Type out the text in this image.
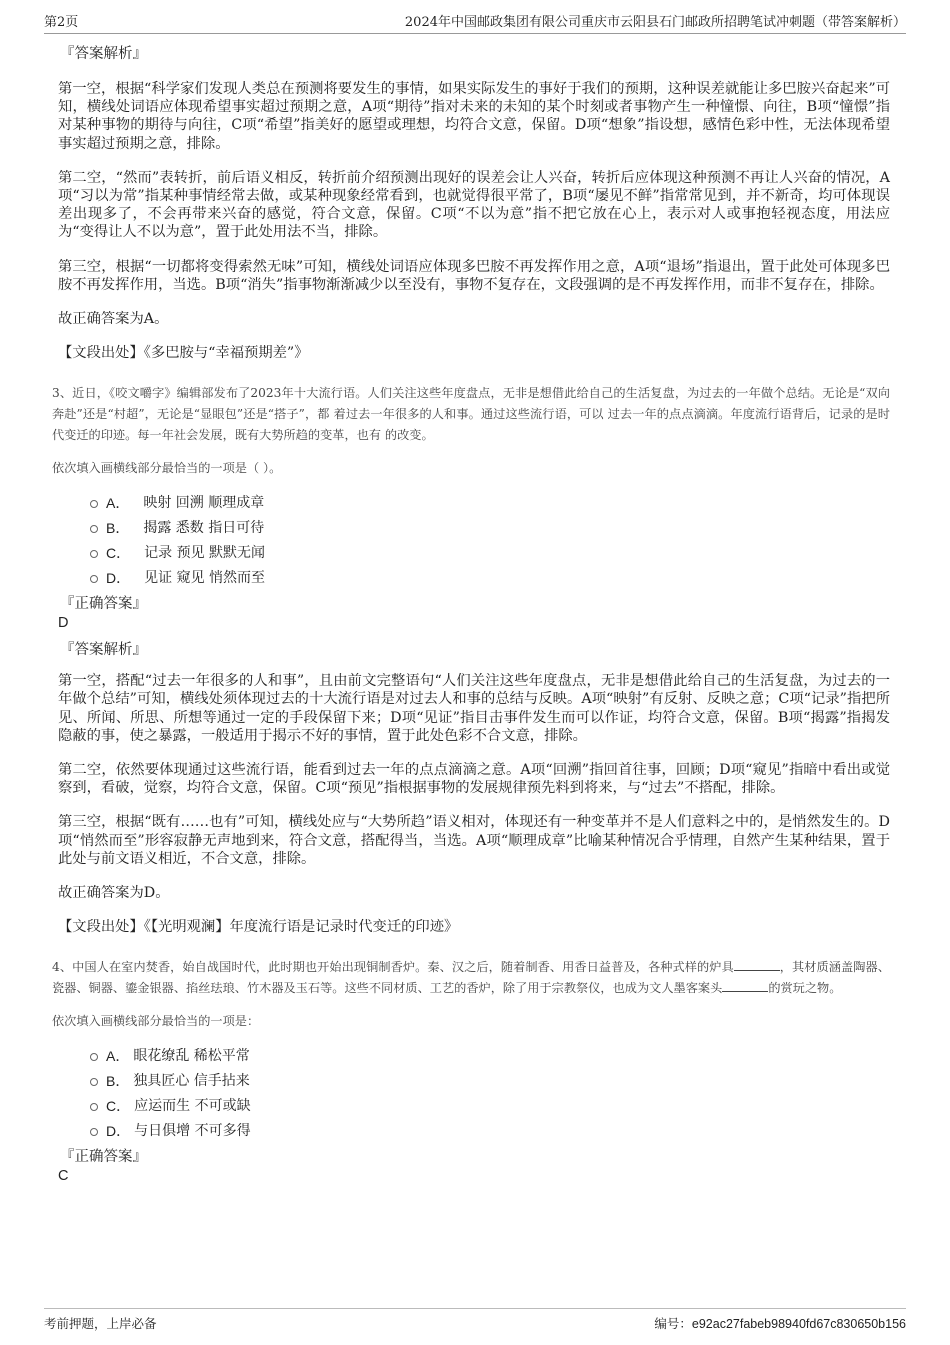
第2页	2024年中国邮政集团有限公司重庆市云阳县石门邮政所招聘笔试冲刺题（带答案解析）
『答案解析』

第一空，根据“科学家们发现人类总在预测将要发生的事情，如果实际发生的事好于我们的预期，这种误差就能让多巴胺兴奋起来”可知，横线处词语应体现希望事实超过预期之意，A项“期待”指对未来的未知的某个时刻或者事物产生一种憧憬、向往，B项“憧憬”指对某种事物的期待与向往，C项“希望”指美好的愿望或理想，均符合文意，保留。D项“想象”指设想，感情色彩中性，无法体现希望事实超过预期之意，排除。

第二空，“然而”表转折，前后语义相反，转折前介绍预测出现好的误差会让人兴奋，转折后应体现这种预测不再让人兴奋的情况，A项“习以为常”指某种事情经常去做，或某种现象经常看到，也就觉得很平常了，B项“屡见不鲜”指常常见到，并不新奇，均可体现误差出现多了，不会再带来兴奋的感觉，符合文意，保留。C项“不以为意”指不把它放在心上，表示对人或事抱轻视态度，用法应为“变得让人不以为意”，置于此处用法不当，排除。

第三空，根据“一切都将变得索然无味”可知，横线处词语应体现多巴胺不再发挥作用之意，A项“退场”指退出，置于此处可体现多巴胺不再发挥作用，当选。B项“消失”指事物渐渐减少以至没有，事物不复存在，文段强调的是不再发挥作用，而非不复存在，排除。

故正确答案为A。

【文段出处】《多巴胺与“幸福预期差”》

3、近日，《咬文嚼字》编辑部发布了2023年十大流行语。人们关注这些年度盘点，无非是想借此给自己的生活复盘，为过去的一年做个总结。无论是“双向奔赴”还是“村超”，无论是“显眼包”还是“搭子”，都 着过去一年很多的人和事。通过这些流行语，可以 过去一年的点点滴滴。年度流行语背后，记录的是时代变迁的印迹。每一年社会发展，既有大势所趋的变革，也有 的改变。
依次填入画横线部分最恰当的一项是（ ）。
A． 映射 回溯 顺理成章
B． 揭露 悉数 指日可待
C． 记录 预见 默默无闻
D． 见证 窥见 悄然而至
『正确答案』
D
『答案解析』

第一空，搭配“过去一年很多的人和事”，且由前文完整语句“人们关注这些年度盘点，无非是想借此给自己的生活复盘，为过去的一年做个总结”可知，横线处须体现过去的十大流行语是对过去人和事的总结与反映。A项“映射”有反射、反映之意；C项“记录”指把所见、所闻、所思、所想等通过一定的手段保留下来；D项“见证”指目击事件发生而可以作证，均符合文意，保留。B项“揭露”指揭发隐蔽的事，使之暴露，一般适用于揭示不好的事情，置于此处色彩不合文意，排除。

第二空，依然要体现通过这些流行语，能看到过去一年的点点滴滴之意。A项“回溯”指回首往事，回顾；D项“窥见”指暗中看出或觉察到，看破，觉察，均符合文意，保留。C项“预见”指根据事物的发展规律预先料到将来，与“过去”不搭配，排除。

第三空，根据“既有……也有”可知，横线处应与“大势所趋”语义相对，体现还有一种变革并不是人们意料之中的，是悄然发生的。D项“悄然而至”形容寂静无声地到来，符合文意，搭配得当，当选。A项“顺理成章”比喻某种情况合乎情理，自然产生某种结果，置于此处与前文语义相近，不合文意，排除。

故正确答案为D。

【文段出处】《【光明观澜】年度流行语是记录时代变迁的印迹》

4、中国人在室内焚香，始自战国时代，此时期也开始出现铜制香炉。秦、汉之后，随着制香、用香日益普及，各种式样的炉具	，其材质涵盖陶器、瓷器、铜器、鎏金银器、掐丝珐琅、竹木器及玉石等。这些不同材质、工艺的香炉，除了用于宗教祭仪，也成为文人墨客案头	的赏玩之物。
依次填入画横线部分最恰当的一项是：
A． 眼花缭乱 稀松平常
B． 独具匠心 信手拈来
C． 应运而生 不可或缺
D． 与日俱增 不可多得
『正确答案』
C
考前押题，上岸必备	编号：e92ac27fabeb98940fd67c830650b156
